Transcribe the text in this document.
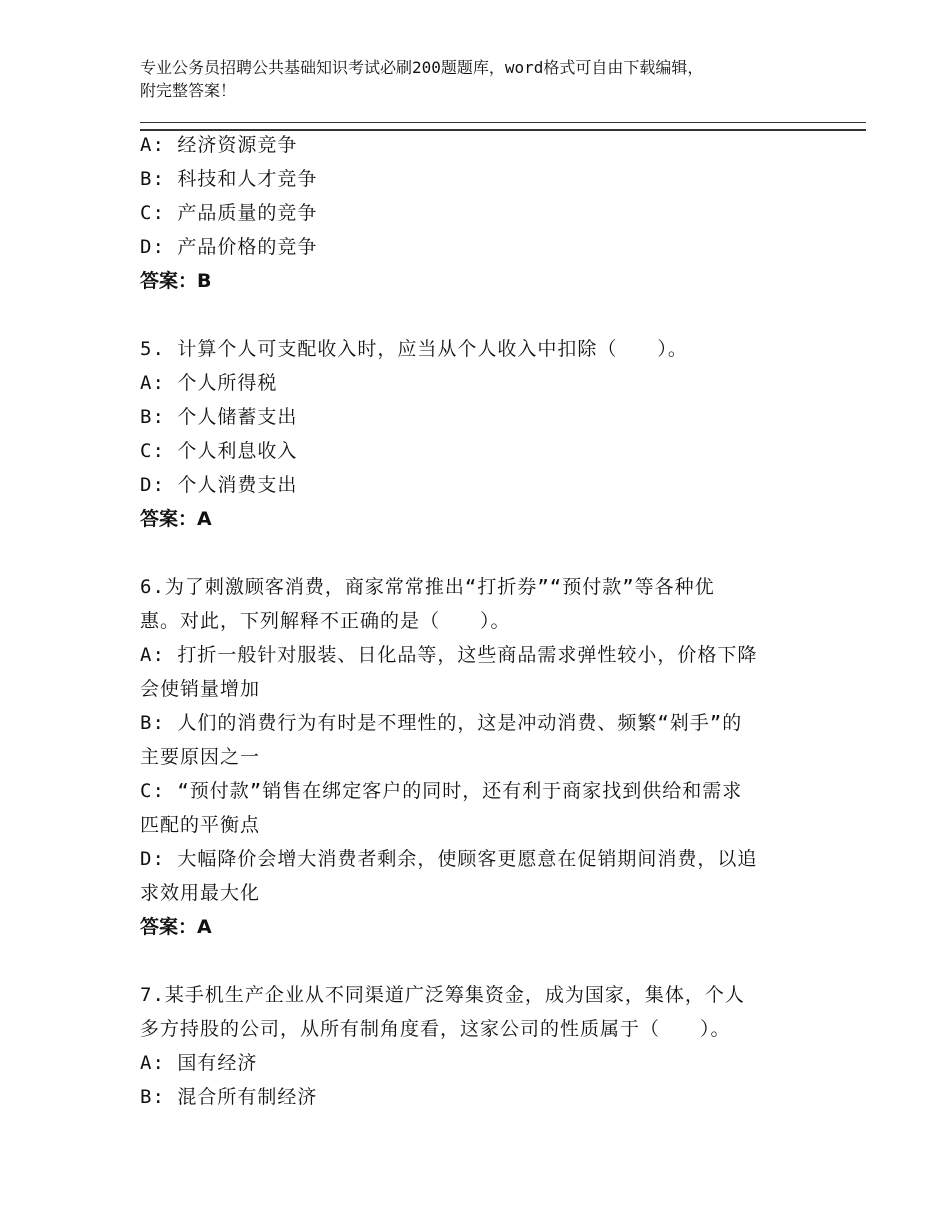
专业公务员招聘公共基础知识考试必刷200题题库，word格式可自由下载编辑，
附完整答案！
A: 经济资源竞争
B: 科技和人才竞争
C: 产品质量的竞争
D: 产品价格的竞争
答案：B
5. 计算个人可支配收入时，应当从个人收入中扣除（　　）。
A: 个人所得税
B: 个人储蓄支出
C: 个人利息收入
D: 个人消费支出
答案：A
6.为了刺激顾客消费，商家常常推出“打折券”“预付款”等各种优
惠。对此，下列解释不正确的是（　　）。
A: 打折一般针对服装、日化品等，这些商品需求弹性较小，价格下降
会使销量增加
B: 人们的消费行为有时是不理性的，这是冲动消费、频繁“剁手”的
主要原因之一
C: “预付款”销售在绑定客户的同时，还有利于商家找到供给和需求
匹配的平衡点
D: 大幅降价会增大消费者剩余，使顾客更愿意在促销期间消费，以追
求效用最大化
答案：A
7.某手机生产企业从不同渠道广泛筹集资金，成为国家，集体，个人
多方持股的公司，从所有制角度看，这家公司的性质属于（　　）。
A: 国有经济
B: 混合所有制经济
